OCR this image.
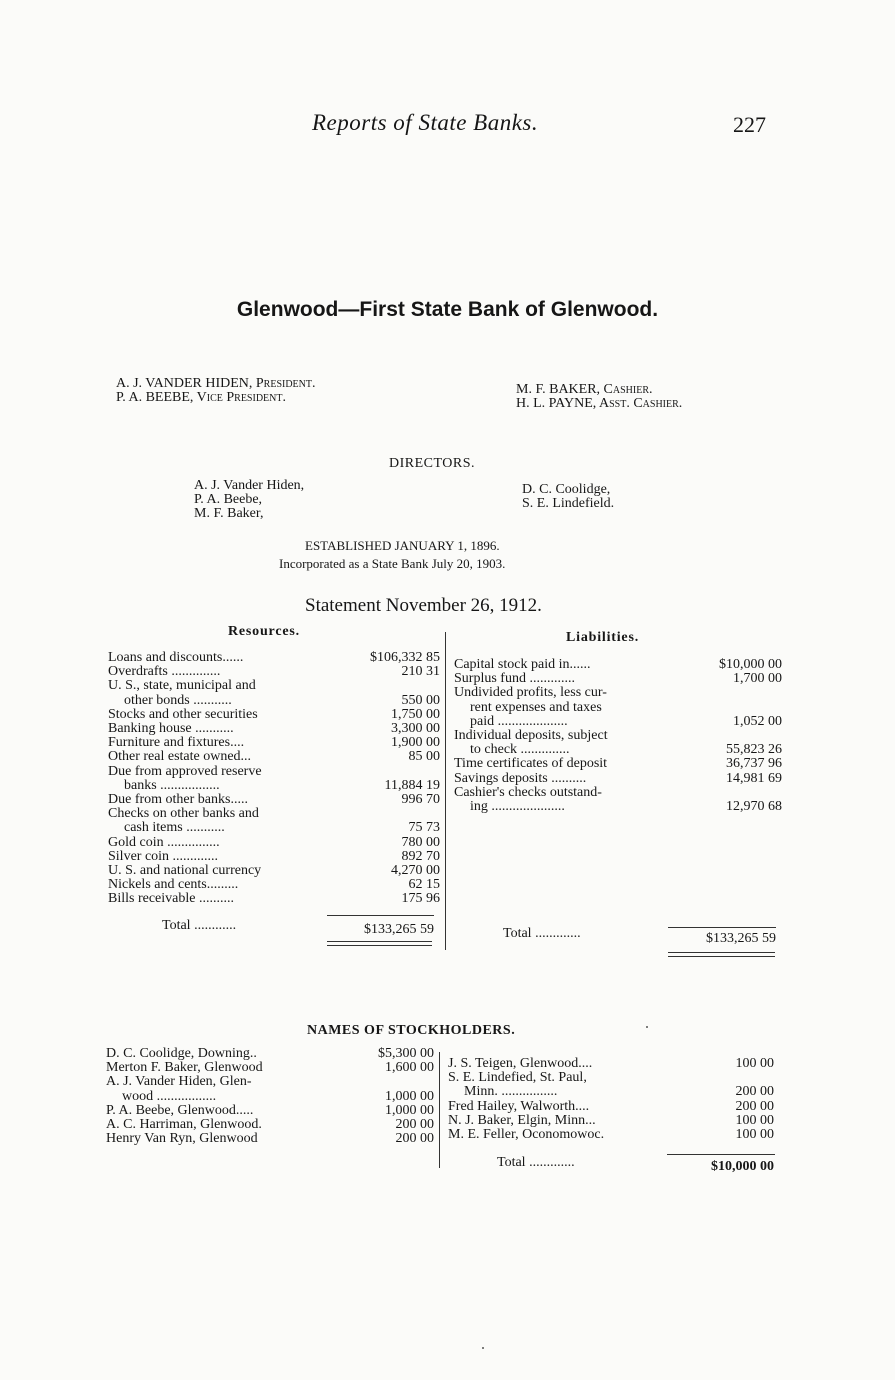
Reports of State Banks.	227
Glenwood—First State Bank of Glenwood.
A. J. VANDER HIDEN, President.
P. A. BEEBE, Vice President.
M. F. BAKER, Cashier.
H. L. PAYNE, Asst. Cashier.
DIRECTORS.
A. J. Vander Hiden,
P. A. Beebe,
M. F. Baker,
D. C. Coolidge,
S. E. Lindefield.
ESTABLISHED JANUARY 1, 1896.
Incorporated as a State Bank July 20, 1903.
Statement November 26, 1912.
Resources.
Loans and discounts......	$106,332 85
Overdrafts ..............	210 31
U. S., state, municipal and
other bonds ...........	550 00
Stocks and other securities	1,750 00
Banking house ...........	3,300 00
Furniture and fixtures....	1,900 00
Other real estate owned...	85 00
Due from approved reserve
banks .................	11,884 19
Due from other banks.....	996 70
Checks on other banks and
cash items ...........	75 73
Gold coin ...............	780 00
Silver coin .............	892 70
U. S. and national currency	4,270 00
Nickels and cents.........	62 15
Bills receivable ..........	175 96
Total ............	$133,265 59
Liabilities.
Capital stock paid in......	$10,000 00
Surplus fund .............	1,700 00
Undivided profits, less cur-
rent expenses and taxes
paid ....................	1,052 00
Individual deposits, subject
to check ..............	55,823 26
Time certificates of deposit	36,737 96
Savings deposits ..........	14,981 69
Cashier's checks outstand-
ing .....................	12,970 68
Total .............	$133,265 59
NAMES OF STOCKHOLDERS.
D. C. Coolidge, Downing..	$5,300 00
Merton F. Baker, Glenwood	1,600 00
A. J. Vander Hiden, Glen-
wood .................	1,000 00
P. A. Beebe, Glenwood.....	1,000 00
A. C. Harriman, Glenwood.	200 00
Henry Van Ryn, Glenwood	200 00
J. S. Teigen, Glenwood....	100 00
S. E. Lindefied, St. Paul,
Minn. ................	200 00
Fred Hailey, Walworth....	200 00
N. J. Baker, Elgin, Minn...	100 00
M. E. Feller, Oconomowoc.	100 00
Total .............	$10,000 00
